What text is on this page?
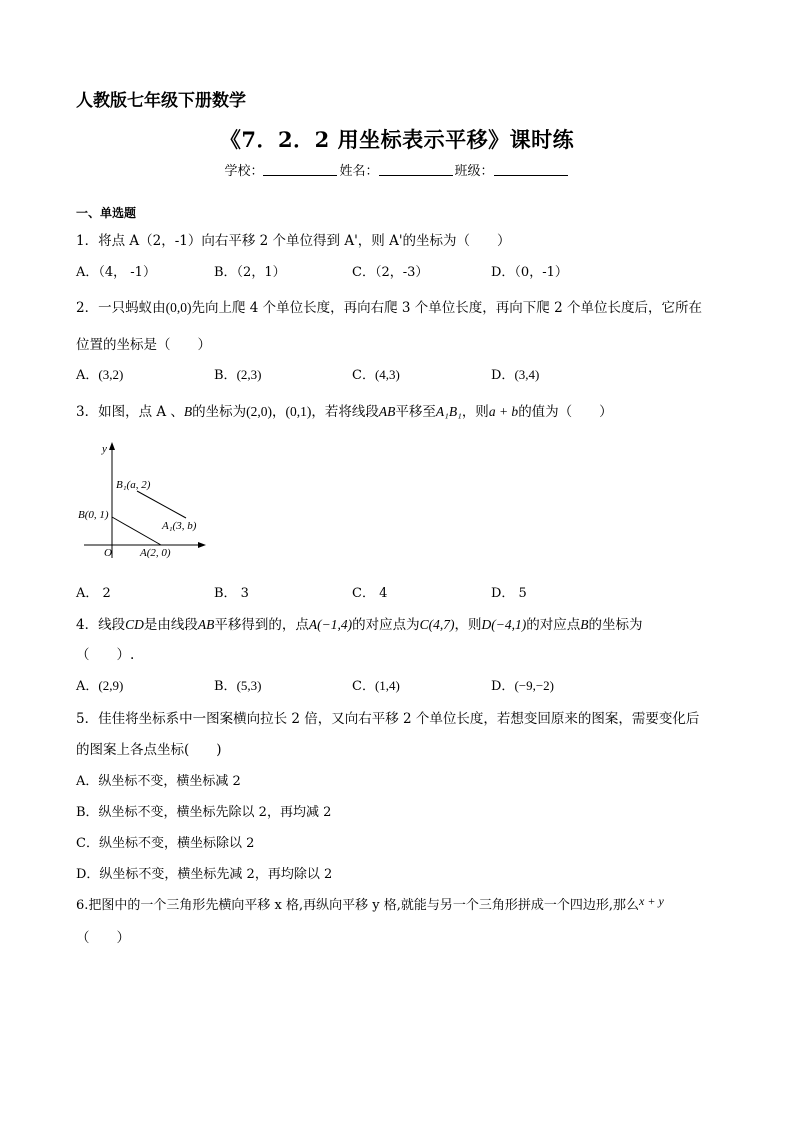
人教版七年级下册数学
《7．2．2 用坐标表示平移》课时练
学校：	姓名：	班级：
一、单选题
1．将点 A（2，-1）向右平移 2 个单位得到 A'，则 A'的坐标为（　　）
A．（4， -1）	B．（2，1）	C．（2，-3）	D．（0，-1）
2．一只蚂蚁由(0,0)先向上爬 4 个单位长度，再向右爬 3 个单位长度，再向下爬 2 个单位长度后，它所在
位置的坐标是（　　）
A．(3,2)	B．(2,3)	C．(4,3)	D．(3,4)
3．如图，点 A 、B的坐标为(2,0)，(0,1)，若将线段AB平移至A₁B₁，则a + b的值为（　　）
y
O
B₁(a, 2)
B(0, 1)
A₁(3, b)
A(2, 0)
A． 2	B． 3	C． 4	D． 5
4．线段CD是由线段AB平移得到的，点A(−1,4)的对应点为C(4,7)，则D(−4,1)的对应点B的坐标为
（　　）.
A．(2,9)	B．(5,3)	C．(1,4)	D．(−9,−2)
5．佳佳将坐标系中一图案横向拉长 2 倍，又向右平移 2 个单位长度，若想变回原来的图案，需要变化后
的图案上各点坐标(　　)
A．纵坐标不变，横坐标减 2
B．纵坐标不变，横坐标先除以 2，再均减 2
C．纵坐标不变，横坐标除以 2
D．纵坐标不变，横坐标先减 2，再均除以 2
6.把图中的一个三角形先横向平移 x 格,再纵向平移 y 格,就能与另一个三角形拼成一个四边形,那么x + y
（　　）
